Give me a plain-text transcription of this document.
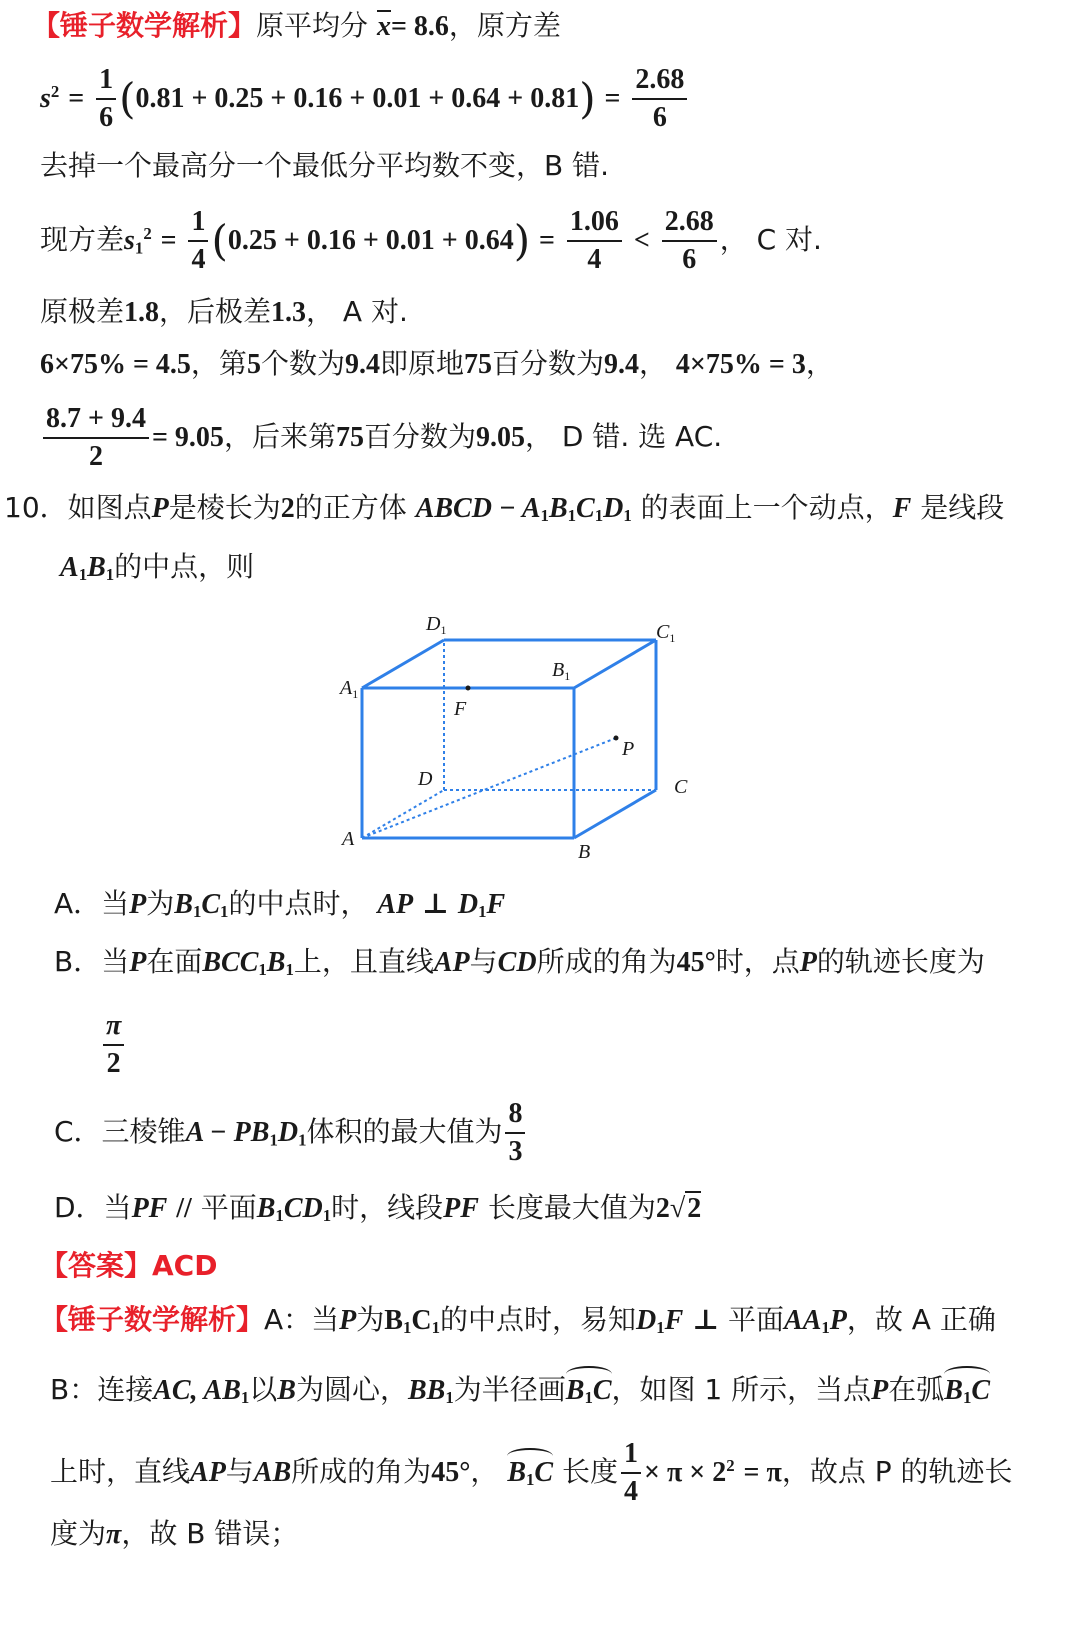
【锤子数学解析】原平均分 x= 8.6，原方差
$s^2 = \frac{1}{6} (0.81 + 0.25 + 0.16 + 0.01 + 0.64 + 0.81) = \frac{2.68}{6}$
去掉一个最高分一个最低分平均数不变，B 错.
现方差$s_1^2 = \frac{1}{4} (0.25 + 0.16 + 0.01 + 0.64) = \frac{1.06}{4} < \frac{2.68}{6}$ ， C 对.
原极差1.8，后极差1.3， A 对.
6×75% = 4.5，第5个数为9.4即原地75百分数为9.4， 4×75% = 3，
$\frac{8.7 + 9.4}{2} = 9.05$，后来第75百分数为9.05， D 错. 选 AC.
10．如图点P是棱长为2的正方体 ABCD − $A_1B_1C_1D_1$ 的表面上一个动点，F 是线段
$A_1B_1$的中点，则
A
B
C
D
$A_1$
$B_1$
$C_1$
$D_1$
F
P
A．当P为$B_1C_1$的中点时， AP ⊥ $D_1F$
B．当P在面$BCC_1B_1$上，且直线AP与CD所成的角为45°时，点P的轨迹长度为
$\frac{\pi}{2}$
C．三棱锥$A - PB_1D_1$体积的最大值为 $\frac{8}{3}$
D．当PF // 平面$B_1CD_1$时，线段PF 长度最大值为2√2
【答案】ACD
【锤子数学解析】A：当P为$B_1C_1$的中点时，易知$D_1F$ ⊥ 平面$AA_1P$，故 A 正确
B：连接AC, $AB_1$以B为圆心，$BB_1$为半径画$B_1C$，如图 1 所示，当点P在弧$B_1C$
上时，直线AP与AB所成的角为45°， $B_1C$ 长度 $\frac{1}{4} \times \pi \times 2^2 = \pi$，故点 P 的轨迹长
度为π，故 B 错误；
